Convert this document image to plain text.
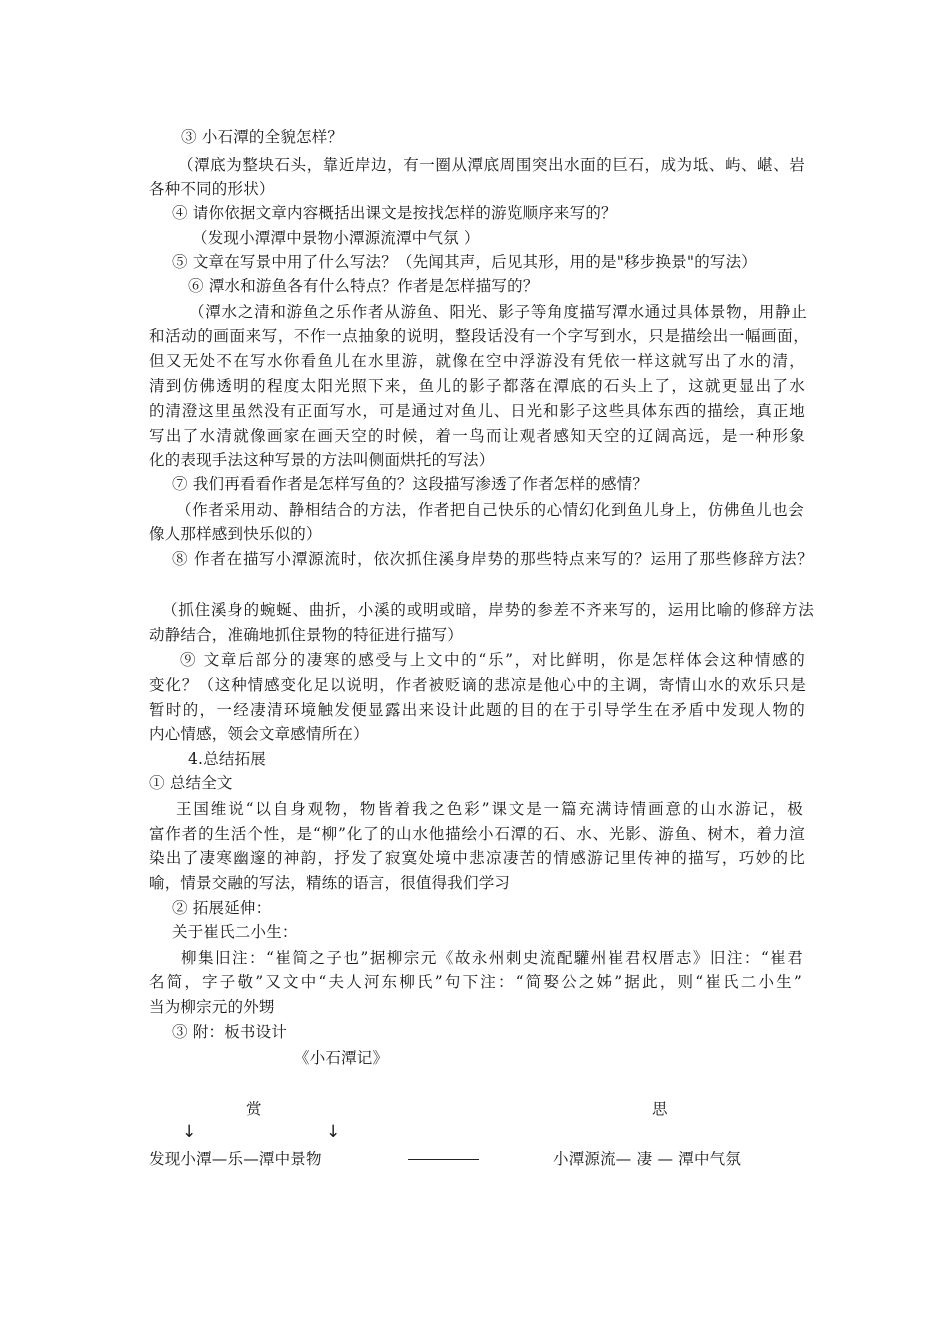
③ 小石潭的全貌怎样？
（潭底为整块石头，靠近岸边，有一圈从潭底周围突出水面的巨石，成为坻、屿、嵁、岩
各种不同的形状）
④ 请你依据文章内容概括出课文是按找怎样的游览顺序来写的？
（发现小潭潭中景物小潭源流潭中气氛 ）
⑤ 文章在写景中用了什么写法？（先闻其声，后见其形，用的是"移步换景"的写法）
⑥ 潭水和游鱼各有什么特点？作者是怎样描写的？
（潭水之清和游鱼之乐作者从游鱼、阳光、影子等角度描写潭水通过具体景物，用静止
和活动的画面来写，不作一点抽象的说明，整段话没有一个字写到水，只是描绘出一幅画面，
但又无处不在写水你看鱼儿在水里游，就像在空中浮游没有凭依一样这就写出了水的清，
清到仿佛透明的程度太阳光照下来，鱼儿的影子都落在潭底的石头上了，这就更显出了水
的清澄这里虽然没有正面写水，可是通过对鱼儿、日光和影子这些具体东西的描绘，真正地
写出了水清就像画家在画天空的时候，着一鸟而让观者感知天空的辽阔高远，是一种形象
化的表现手法这种写景的方法叫侧面烘托的写法）
⑦ 我们再看看作者是怎样写鱼的？这段描写渗透了作者怎样的感情？
（作者采用动、静相结合的方法，作者把自己快乐的心情幻化到鱼儿身上，仿佛鱼儿也会
像人那样感到快乐似的）
⑧ 作者在描写小潭源流时，依次抓住溪身岸势的那些特点来写的？运用了那些修辞方法？
（抓住溪身的蜿蜒、曲折，小溪的或明或暗，岸势的参差不齐来写的，运用比喻的修辞方法
动静结合，准确地抓住景物的特征进行描写）
⑨ 文章后部分的凄寒的感受与上文中的“乐”，对比鲜明，你是怎样体会这种情感的
变化？（这种情感变化足以说明，作者被贬谪的悲凉是他心中的主调，寄情山水的欢乐只是
暂时的，一经凄清环境触发便显露出来设计此题的目的在于引导学生在矛盾中发现人物的
内心情感，领会文章感情所在）
4.总结拓展
① 总结全文
王国维说“以自身观物，物皆着我之色彩”课文是一篇充满诗情画意的山水游记，极
富作者的生活个性，是“柳”化了的山水他描绘小石潭的石、水、光影、游鱼、树木，着力渲
染出了凄寒幽邃的神韵，抒发了寂寞处境中悲凉凄苦的情感游记里传神的描写，巧妙的比
喻，情景交融的写法，精练的语言，很值得我们学习
② 拓展延伸：
关于崔氏二小生：
柳集旧注：“崔简之子也”据柳宗元《故永州刺史流配驩州崔君权厝志》旧注：“崔君
名简，字子敬”又文中“夫人河东柳氏”句下注：“简娶公之姊”据此，则“崔氏二小生”
当为柳宗元的外甥
③ 附：板书设计
《小石潭记》
赏	思
↓	↓
发现小潭—乐—潭中景物	小潭源流— 凄 — 潭中气氛
